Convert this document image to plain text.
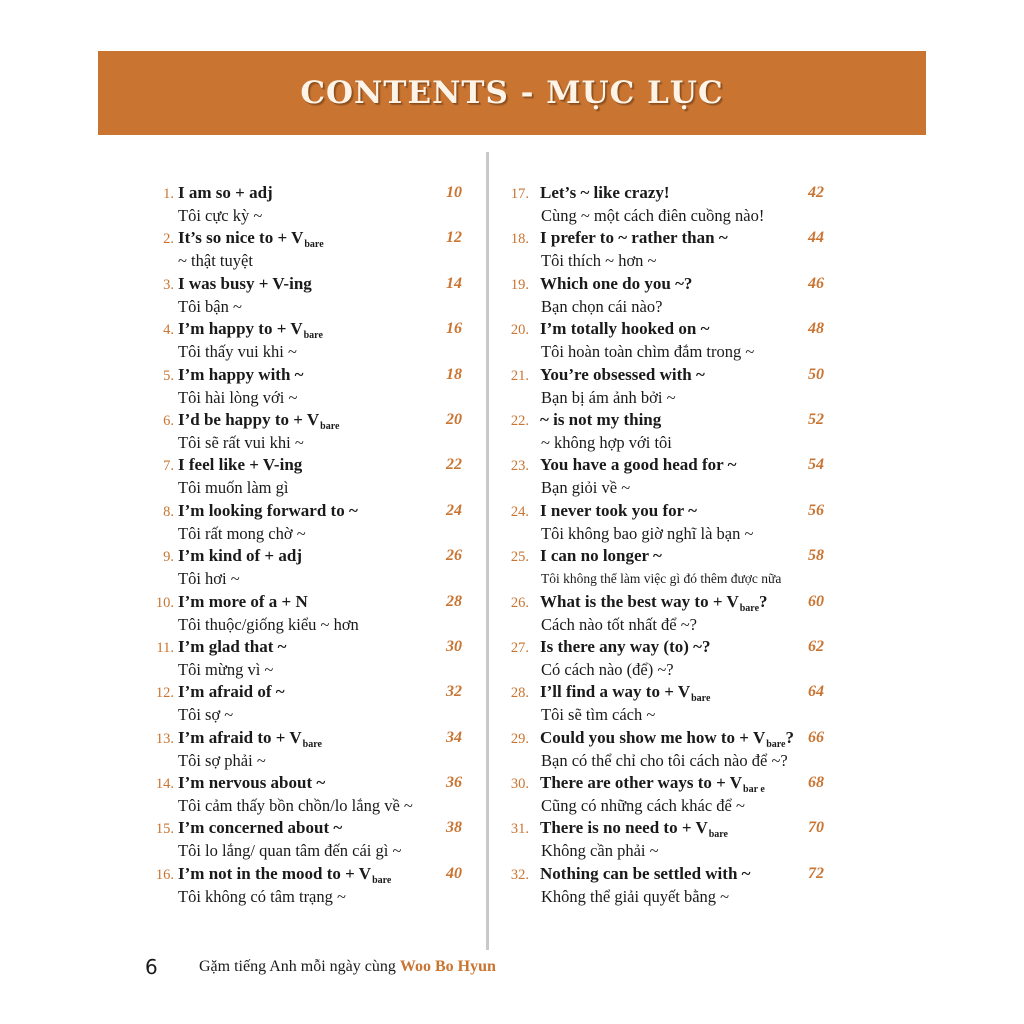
CONTENTS - MỤC LỤC
1. I am so + adj
Tôi cực kỳ ~
10
2. It’s so nice to + $V_{bare}$
~ thật tuyệt
12
3. I was busy + V-ing
Tôi bận ~
14
4. I’m happy to + $V_{bare}$
Tôi thấy vui khi ~
16
5. I’m happy with ~
Tôi hài lòng với ~
18
6. I’d be happy to + $V_{bare}$
Tôi sẽ rất vui khi ~
20
7. I feel like + V-ing
Tôi muốn làm gì
22
8. I’m looking forward to ~
Tôi rất mong chờ ~
24
9. I’m kind of + adj
Tôi hơi ~
26
10. I’m more of a + N
Tôi thuộc/giống kiểu ~ hơn
28
11. I’m glad that ~
Tôi mừng vì ~
30
12. I’m afraid of ~
Tôi sợ ~
32
13. I’m afraid to + $V_{bare}$
Tôi sợ phải ~
34
14. I’m nervous about ~
Tôi cảm thấy bồn chồn/lo lắng về ~
36
15. I’m concerned about ~
Tôi lo lắng/ quan tâm đến cái gì ~
38
16. I’m not in the mood to + $V_{bare}$
Tôi không có tâm trạng ~
40
17. Let’s ~ like crazy!
Cùng ~ một cách điên cuồng nào!
42
18. I prefer to ~ rather than ~
Tôi thích ~ hơn ~
44
19. Which one do you ~?
Bạn chọn cái nào?
46
20. I’m totally hooked on ~
Tôi hoàn toàn chìm đắm trong ~
48
21. You’re obsessed with ~
Bạn bị ám ảnh bởi ~
50
22. ~ is not my thing
~ không hợp với tôi
52
23. You have a good head for ~
Bạn giỏi về ~
54
24. I never took you for ~
Tôi không bao giờ nghĩ là bạn ~
56
25. I can no longer ~
Tôi không thể làm việc gì đó thêm được nữa
58
26. What is the best way to + $V_{bare}$?
Cách nào tốt nhất để ~?
60
27. Is there any way (to) ~?
Có cách nào (để) ~?
62
28. I’ll find a way to + $V_{bare}$
Tôi sẽ tìm cách ~
64
29. Could you show me how to + $V_{bare}$?
Bạn có thể chỉ cho tôi cách nào để ~?
66
30. There are other ways to + $V_{bar e}$
Cũng có những cách khác để ~
68
31. There is no need to + $V_{bare}$
Không cần phải ~
70
32. Nothing can be settled with ~
Không thể giải quyết bằng ~
72
6	Gặm tiếng Anh mỗi ngày cùng Woo Bo Hyun
